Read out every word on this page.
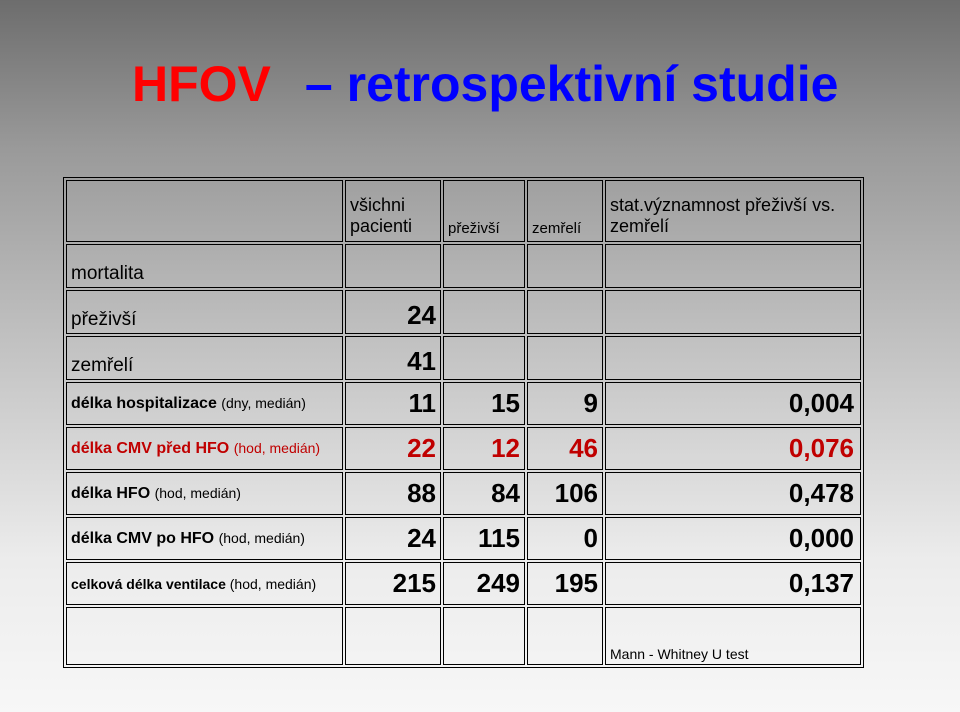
HFOV – retrospektivní studie
	všichni pacienti	přeživší	zemřelí	stat.významnost přeživší vs. zemřelí
mortalita				
přeživší	24			
zemřelí	41			
délka hospitalizace (dny, medián)	11	15	9	0,004
délka CMV před HFO (hod, medián)	22	12	46	0,076
délka HFO (hod, medián)	88	84	106	0,478
délka CMV po HFO (hod, medián)	24	115	0	0,000
celková délka ventilace (hod, medián)	215	249	195	0,137
				Mann - Whitney U test
